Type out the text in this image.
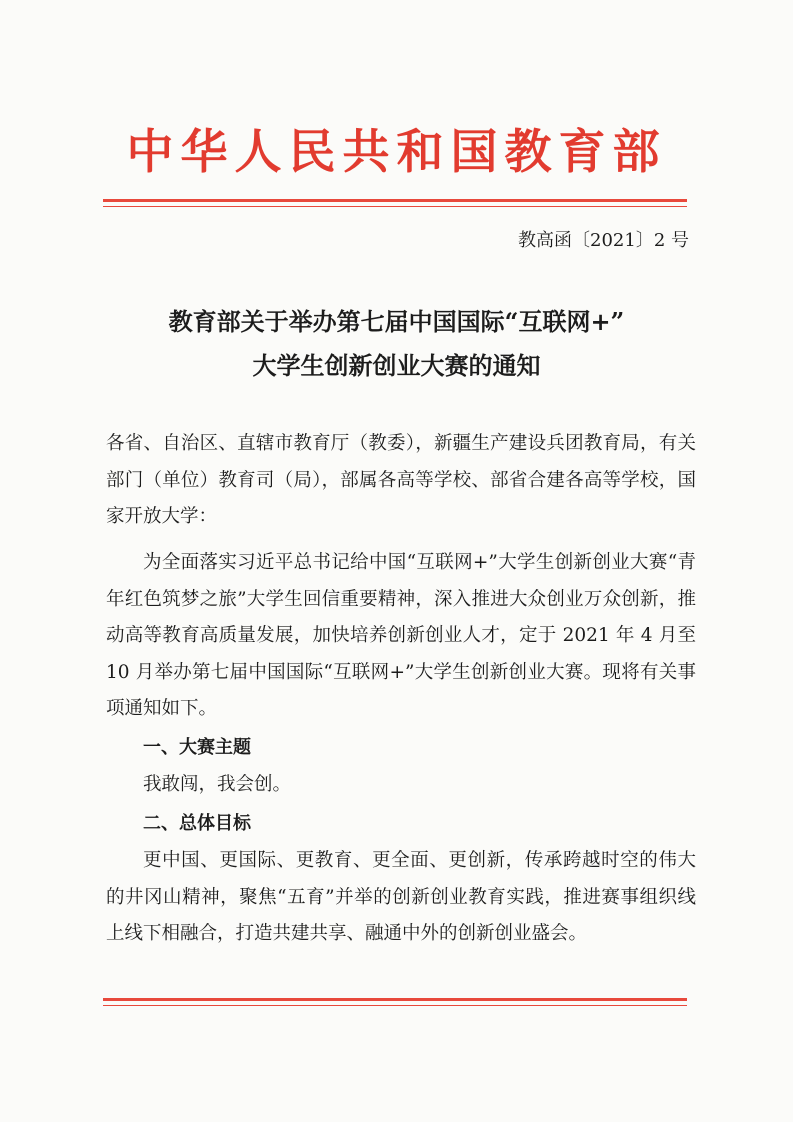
中华人民共和国教育部
教高函〔2021〕2 号
教育部关于举办第七届中国国际“互联网+”
大学生创新创业大赛的通知

各省、自治区、直辖市教育厅（教委），新疆生产建设兵团教育局，有关部门（单位）教育司（局），部属各高等学校、部省合建各高等学校，国家开放大学：

为全面落实习近平总书记给中国“互联网+”大学生创新创业大赛“青年红色筑梦之旅”大学生回信重要精神，深入推进大众创业万众创新，推动高等教育高质量发展，加快培养创新创业人才，定于 2021 年 4 月至 10 月举办第七届中国国际“互联网+”大学生创新创业大赛。现将有关事项通知如下。

一、大赛主题

我敢闯，我会创。

二、总体目标

更中国、更国际、更教育、更全面、更创新，传承跨越时空的伟大的井冈山精神，聚焦“五育”并举的创新创业教育实践，推进赛事组织线上线下相融合，打造共建共享、融通中外的创新创业盛会。
